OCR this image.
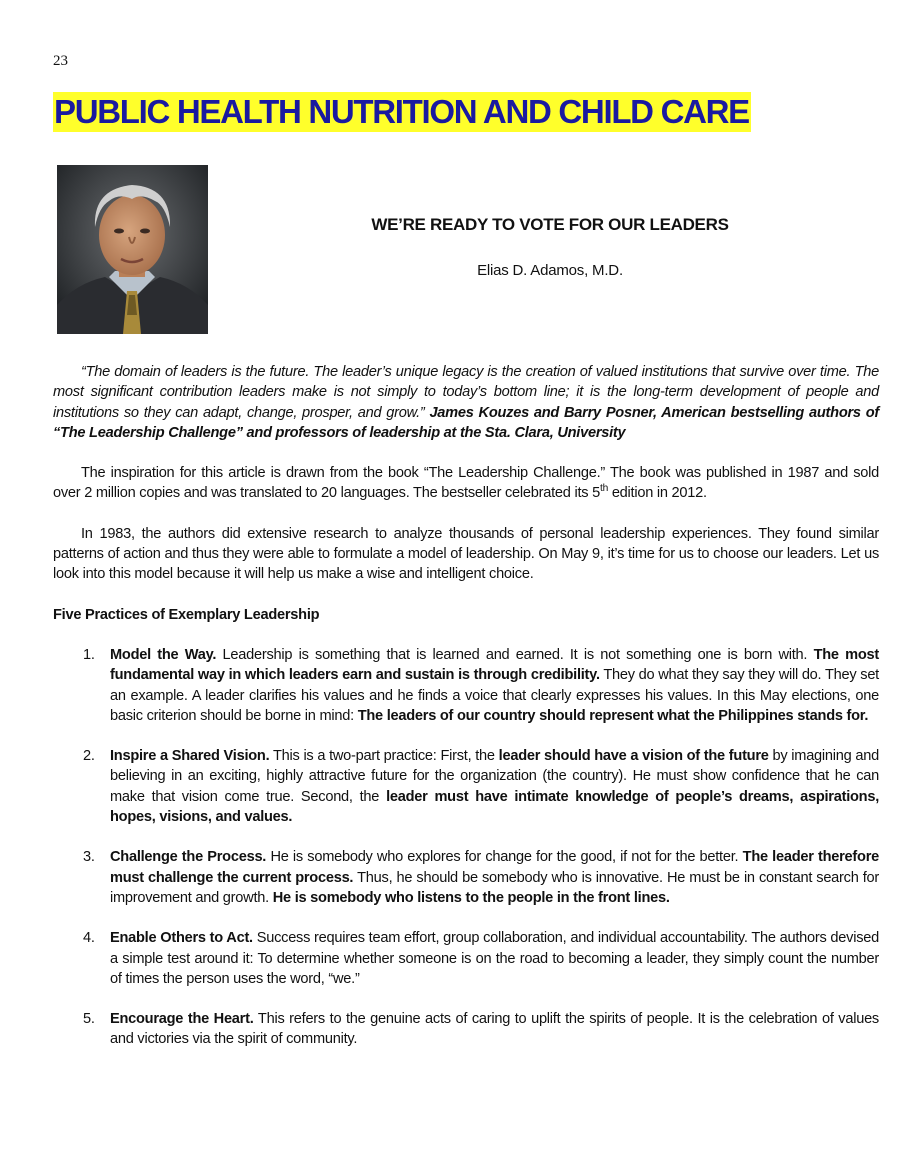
23
PUBLIC HEALTH NUTRITION AND CHILD CARE
WE’RE READY TO VOTE FOR OUR LEADERS
Elias D. Adamos, M.D.

“The domain of leaders is the future. The leader’s unique legacy is the creation of valued institutions that survive over time. The most significant contribution leaders make is not simply to today’s bottom line; it is the long-term development of people and institutions so they can adapt, change, prosper, and grow.” James Kouzes and Barry Posner, American bestselling authors of “The Leadership Challenge” and professors of leadership at the Sta. Clara, University

The inspiration for this article is drawn from the book “The Leadership Challenge.” The book was published in 1987 and sold over 2 million copies and was translated to 20 languages. The bestseller celebrated its 5th edition in 2012.

In 1983, the authors did extensive research to analyze thousands of personal leadership experiences. They found similar patterns of action and thus they were able to formulate a model of leadership. On May 9, it’s time for us to choose our leaders. Let us look into this model because it will help us make a wise and intelligent choice.

Five Practices of Exemplary Leadership
1. Model the Way. Leadership is something that is learned and earned. It is not something one is born with. The most fundamental way in which leaders earn and sustain is through credibility. They do what they say they will do. They set an example. A leader clarifies his values and he finds a voice that clearly expresses his values. In this May elections, one basic criterion should be borne in mind: The leaders of our country should represent what the Philippines stands for.
2. Inspire a Shared Vision. This is a two-part practice: First, the leader should have a vision of the future by imagining and believing in an exciting, highly attractive future for the organization (the country). He must show confidence that he can make that vision come true. Second, the leader must have intimate knowledge of people’s dreams, aspirations, hopes, visions, and values.
3. Challenge the Process. He is somebody who explores for change for the good, if not for the better. The leader therefore must challenge the current process. Thus, he should be somebody who is innovative. He must be in constant search for improvement and growth. He is somebody who listens to the people in the front lines.
4. Enable Others to Act. Success requires team effort, group collaboration, and individual accountability. The authors devised a simple test around it: To determine whether someone is on the road to becoming a leader, they simply count the number of times the person uses the word, “we.”
5. Encourage the Heart. This refers to the genuine acts of caring to uplift the spirits of people. It is the celebration of values and victories via the spirit of community.
